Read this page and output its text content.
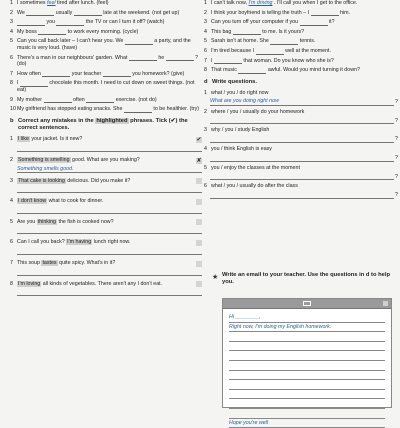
1 I sometimes feel tired after lunch. (feel)
2 We	usually	late at the weekend. (not get up)
3	you	the TV or can I turn it off? (watch)
4 My boss	to work every morning. (cycle)
5 Can you call back later – I can't hear you. We	a party, and the music is very loud. (have)
6 There's a man in our neighbours' garden. What	he	? (do)
7 How often	your teacher	you homework? (give)
8 I	chocolate this month. I need to cut down on sweet things. (not eat)
9 My mother	often	exercise. (not do)
10 My girlfriend has stopped eating snacks. She	to be healthier. (try)
b Correct any mistakes in the highlighted phrases. Tick (✔) the correct sentences.
1 I like your jacket. Is it new?	✔
2 Something is smelling good. What are you making?	✘
Something smells good.
3 That cake is looking delicious. Did you make it?
4 I don't know what to cook for dinner.
5 Are you thinking the fish is cooked now?
6 Can I call you back? I'm having lunch right now.
7 This soup tastes quite spicy. What's in it?
8 I'm loving all kinds of vegetables. There aren't any I don't eat.
1 I can't talk now, I'm driving . I'll call you when I get to the office.
2 I think your boyfriend is telling the truth – I	him.
3 Can you turn off your computer if you	it?
4 This bag	to me. Is it yours?
5 Sarah isn't at home. She	tennis.
6 I'm tired because I	well at the moment.
7 I	that woman. Do you know who she is?
8 That music	awful. Would you mind turning it down?
d Write questions.
1 what / you / do right now
What are you doing right now	?
2 where / you / usually do your homework
?
3 why / you / study English
?
4 you / think English is easy
?
5 you / enjoy the classes at the moment
?
6 what / you / usually do after the class
?
★ Write an email to your teacher. Use the questions in d to help you.
Hi ________,
Right now, I'm doing my English homework.
Hope you're well
